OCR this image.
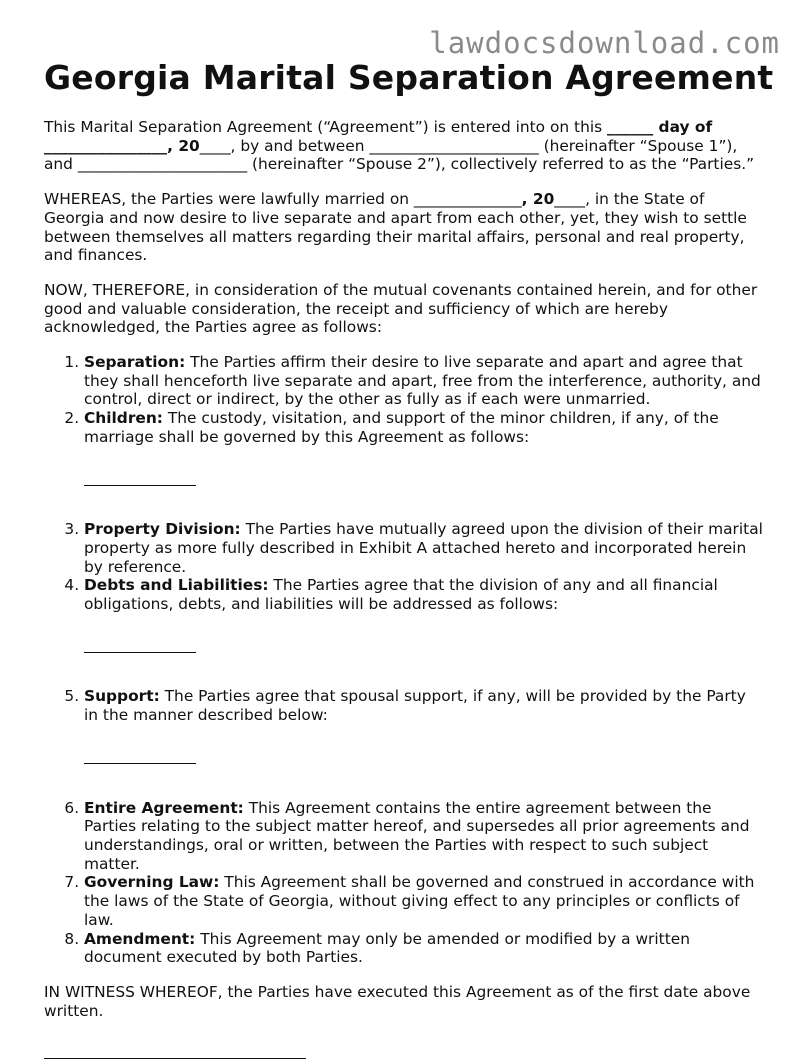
lawdocsdownload.com
Georgia Marital Separation Agreement

This Marital Separation Agreement (“Agreement”) is entered into on this ______ day of
________________, 20____, by and between ______________________ (hereinafter “Spouse 1”), and ______________________ (hereinafter “Spouse 2”), collectively referred to as the “Parties.”

WHEREAS, the Parties were lawfully married on ______________, 20____, in the State of Georgia and now desire to live separate and apart from each other, yet, they wish to settle between themselves all matters regarding their marital affairs, personal and real property, and finances.

NOW, THEREFORE, in consideration of the mutual covenants contained herein, and for other good and valuable consideration, the receipt and sufficiency of which are hereby acknowledged, the Parties agree as follows:

1. Separation: The Parties affirm their desire to live separate and apart and agree that they shall henceforth live separate and apart, free from the interference, authority, and control, direct or indirect, by the other as fully as if each were unmarried.
2. Children: The custody, visitation, and support of the minor children, if any, of the marriage shall be governed by this Agreement as follows:

3. Property Division: The Parties have mutually agreed upon the division of their marital property as more fully described in Exhibit A attached hereto and incorporated herein by reference.
4. Debts and Liabilities: The Parties agree that the division of any and all financial obligations, debts, and liabilities will be addressed as follows:

5. Support: The Parties agree that spousal support, if any, will be provided by the Party in the manner described below:

6. Entire Agreement: This Agreement contains the entire agreement between the Parties relating to the subject matter hereof, and supersedes all prior agreements and understandings, oral or written, between the Parties with respect to such subject matter.
7. Governing Law: This Agreement shall be governed and construed in accordance with the laws of the State of Georgia, without giving effect to any principles or conflicts of law.
8. Amendment: This Agreement may only be amended or modified by a written document executed by both Parties.

IN WITNESS WHEREOF, the Parties have executed this Agreement as of the first date above written.
